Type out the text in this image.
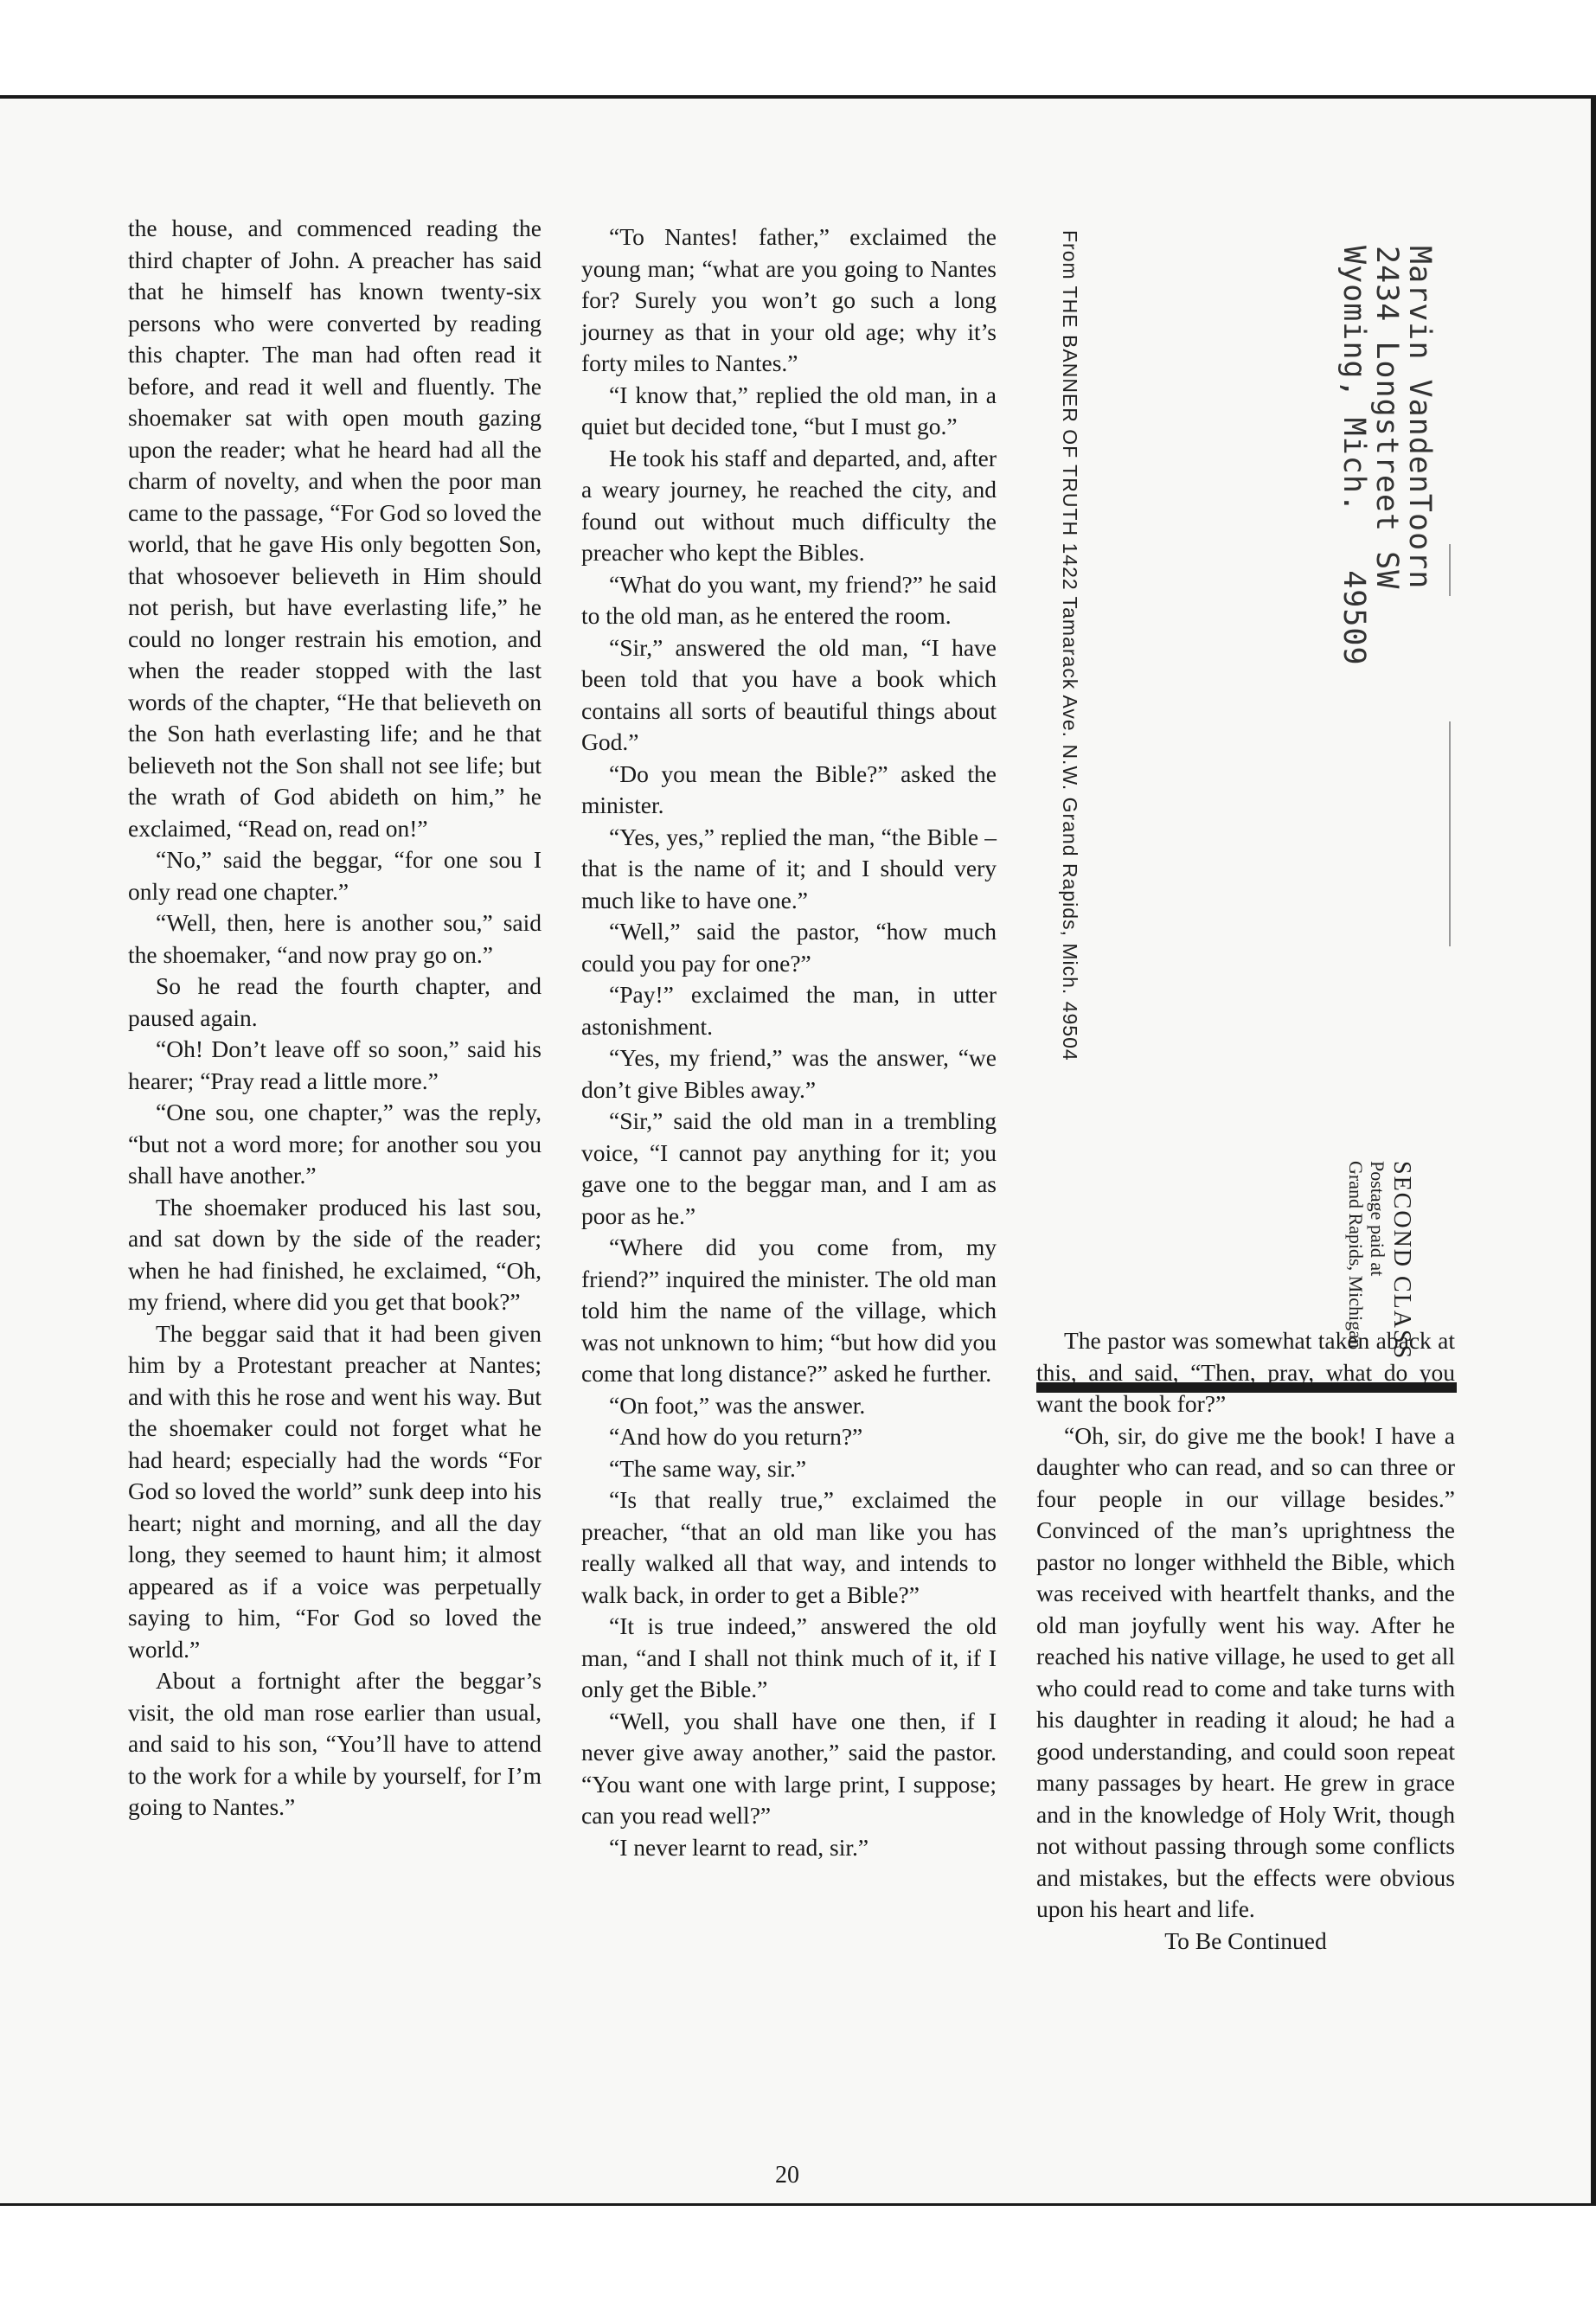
the house, and commenced reading the third chapter of John. A preacher has said that he himself has known twenty-six persons who were converted by reading this chapter. The man had often read it before, and read it well and fluently. The shoemaker sat with open mouth gazing upon the reader; what he heard had all the charm of novelty, and when the poor man came to the passage, “For God so loved the world, that he gave His only begotten Son, that whosoever believeth in Him should not perish, but have everlasting life,” he could no longer restrain his emotion, and when the reader stopped with the last words of the chapter, “He that believeth on the Son hath everlasting life; and he that believeth not the Son shall not see life; but the wrath of God abideth on him,” he exclaimed, “Read on, read on!”

“No,” said the beggar, “for one sou I only read one chapter.”

“Well, then, here is another sou,” said the shoemaker, “and now pray go on.”

So he read the fourth chapter, and paused again.

“Oh! Don’t leave off so soon,” said his hearer; “Pray read a little more.”

“One sou, one chapter,” was the reply, “but not a word more; for another sou you shall have another.”

The shoemaker produced his last sou, and sat down by the side of the reader; when he had finished, he exclaimed, “Oh, my friend, where did you get that book?”

The beggar said that it had been given him by a Protestant preacher at Nantes; and with this he rose and went his way. But the shoemaker could not forget what he had heard; especially had the words “For God so loved the world” sunk deep into his heart; night and morning, and all the day long, they seemed to haunt him; it almost appeared as if a voice was perpetually saying to him, “For God so loved the world.”

About a fortnight after the beggar’s visit, the old man rose earlier than usual, and said to his son, “You’ll have to attend to the work for a while by yourself, for I’m going to Nantes.”

“To Nantes! father,” exclaimed the young man; “what are you going to Nantes for? Surely you won’t go such a long journey as that in your old age; why it’s forty miles to Nantes.”

“I know that,” replied the old man, in a quiet but decided tone, “but I must go.”

He took his staff and departed, and, after a weary journey, he reached the city, and found out without much difficulty the preacher who kept the Bibles.

“What do you want, my friend?” he said to the old man, as he entered the room.

“Sir,” answered the old man, “I have been told that you have a book which contains all sorts of beautiful things about God.”

“Do you mean the Bible?” asked the minister.

“Yes, yes,” replied the man, “the Bible – that is the name of it; and I should very much like to have one.”

“Well,” said the pastor, “how much could you pay for one?”

“Pay!” exclaimed the man, in utter astonishment.

“Yes, my friend,” was the answer, “we don’t give Bibles away.”

“Sir,” said the old man in a trembling voice, “I cannot pay anything for it; you gave one to the beggar man, and I am as poor as he.”

“Where did you come from, my friend?” inquired the minister. The old man told him the name of the village, which was not unknown to him; “but how did you come that long distance?” asked he further.

“On foot,” was the answer.

“And how do you return?”

“The same way, sir.”

“Is that really true,” exclaimed the preacher, “that an old man like you has really walked all that way, and intends to walk back, in order to get a Bible?”

“It is true indeed,” answered the old man, “and I shall not think much of it, if I only get the Bible.”

“Well, you shall have one then, if I never give away another,” said the pastor. “You want one with large print, I suppose; can you read well?”

“I never learnt to read, sir.”

From THE BANNER OF TRUTH 1422 Tamarack Ave. N.W. Grand Rapids, Mich. 49504	Marvin VandenToorn
2434 Longstreet SW
Wyoming, Mich.   49509
SECOND CLASS
Postage paid at
Grand Rapids, Michigan

The pastor was somewhat taken aback at this, and said, “Then, pray, what do you want the book for?”

“Oh, sir, do give me the book! I have a daughter who can read, and so can three or four people in our village besides.” Convinced of the man’s uprightness the pastor no longer withheld the Bible, which was received with heartfelt thanks, and the old man joyfully went his way. After he reached his native village, he used to get all who could read to come and take turns with his daughter in reading it aloud; he had a good understanding, and could soon repeat many passages by heart. He grew in grace and in the knowledge of Holy Writ, though not without passing through some conflicts and mistakes, but the effects were obvious upon his heart and life.

To Be Continued
20
